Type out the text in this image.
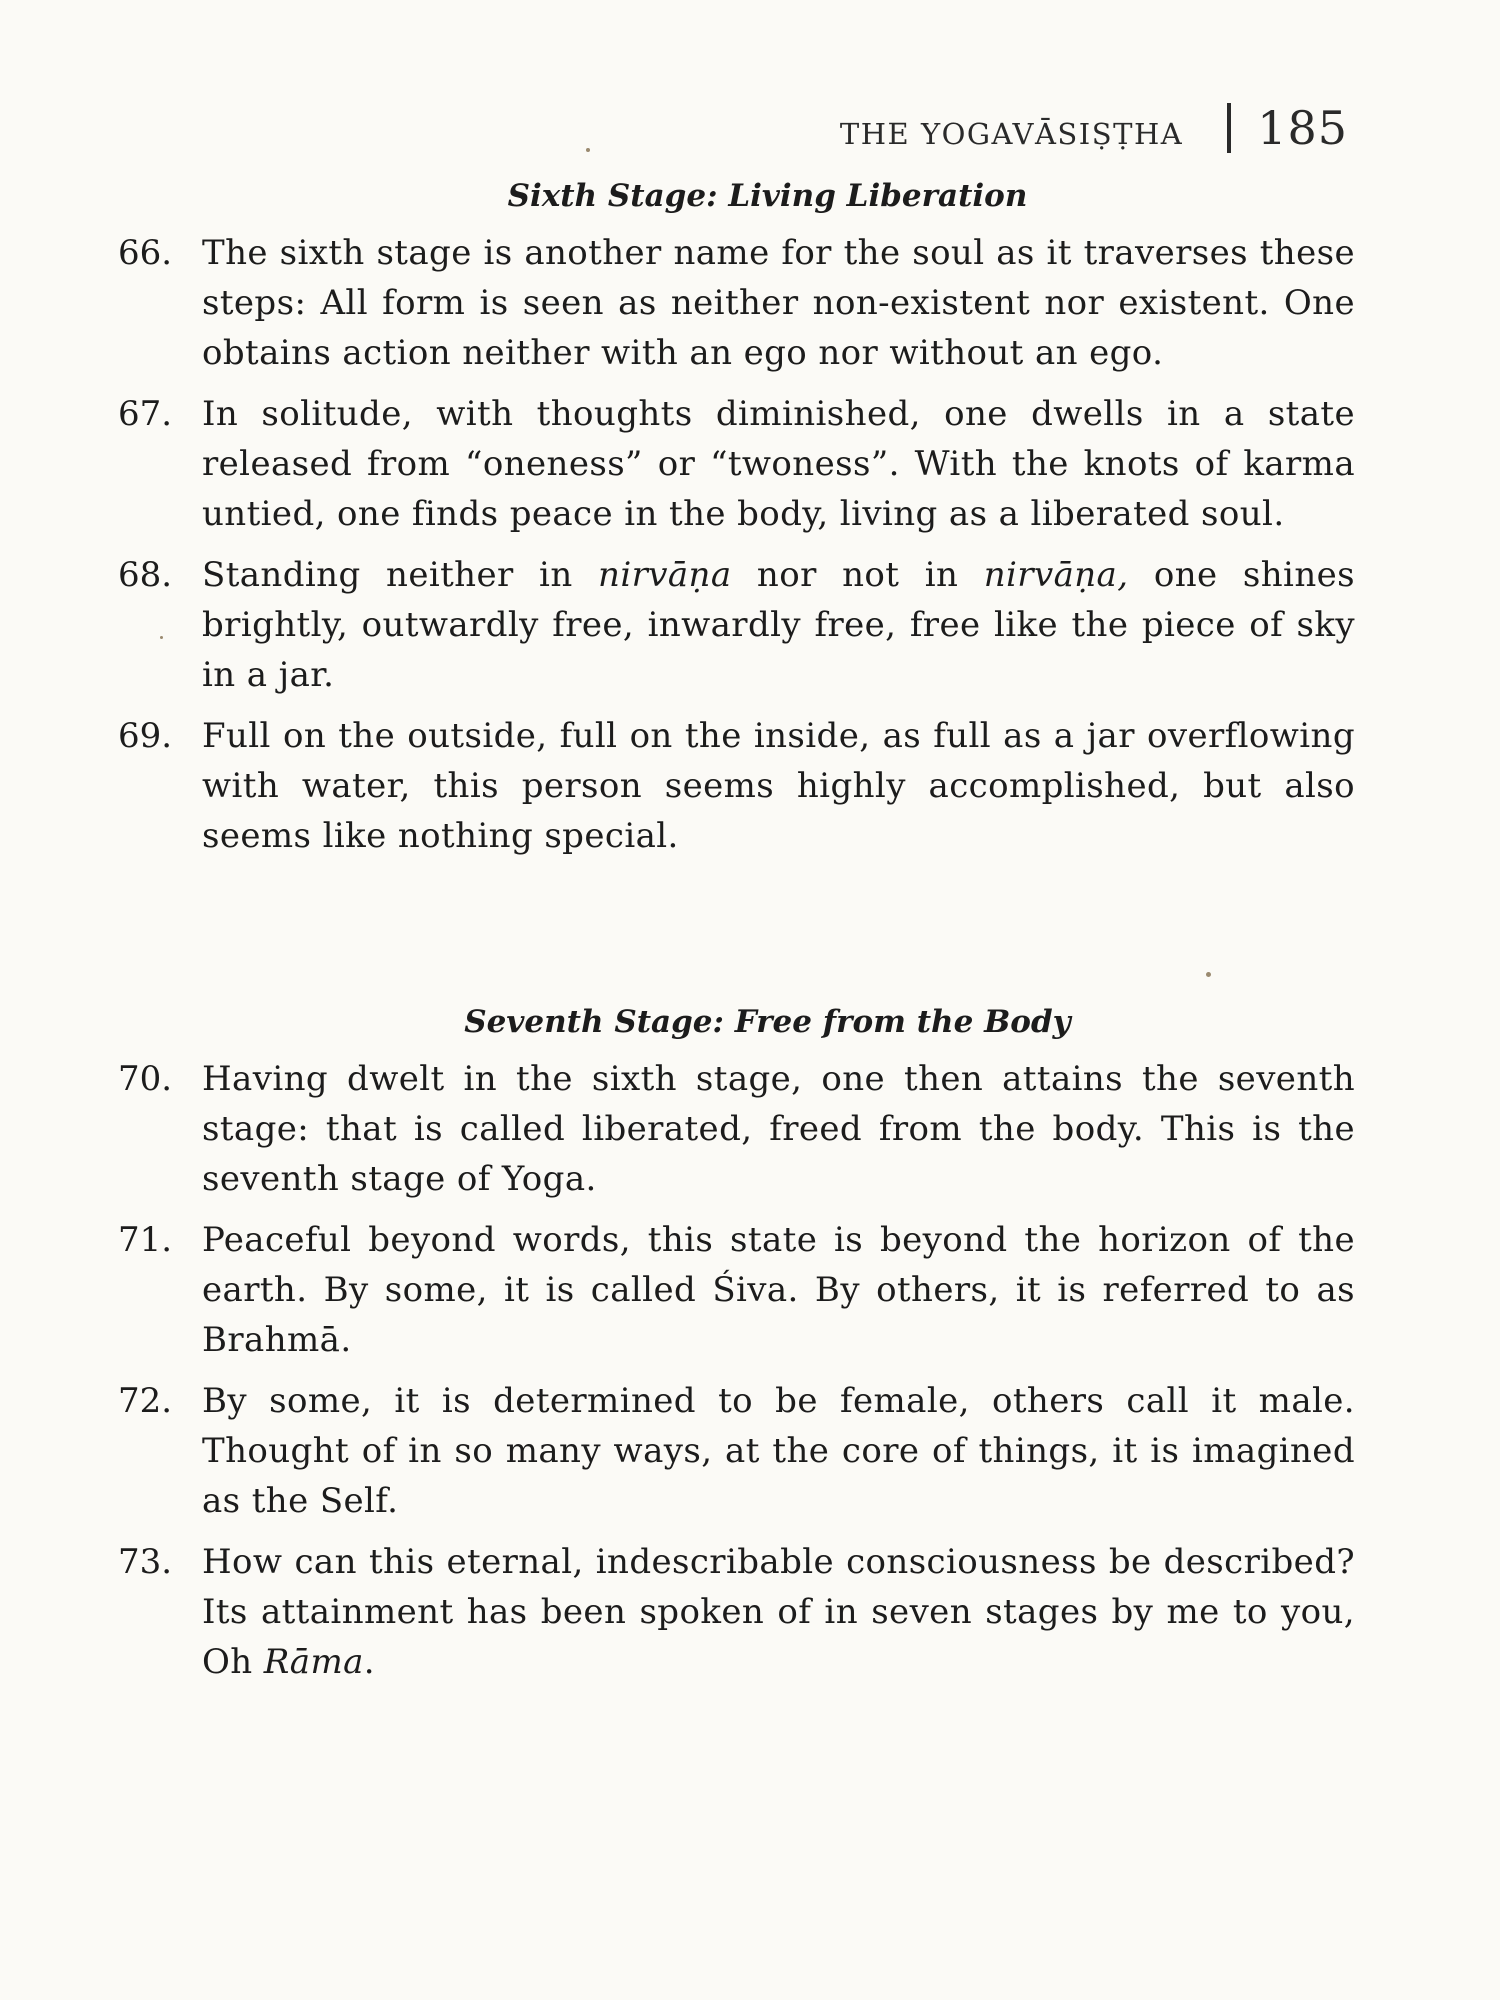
THE YOGAVĀSIṢṬHA 185
Sixth Stage: Living Liberation
66. The sixth stage is another name for the soul as it traverses these steps: All form is seen as neither non-existent nor existent. One obtains action neither with an ego nor without an ego.
67. In solitude, with thoughts diminished, one dwells in a state released from “oneness” or “twoness”. With the knots of karma untied, one finds peace in the body, living as a liberated soul.
68. Standing neither in nirvāṇa nor not in nirvāṇa, one shines brightly, outwardly free, inwardly free, free like the piece of sky in a jar.
69. Full on the outside, full on the inside, as full as a jar overflowing with water, this person seems highly accomplished, but also seems like nothing special.
Seventh Stage: Free from the Body
70. Having dwelt in the sixth stage, one then attains the seventh stage: that is called liberated, freed from the body. This is the seventh stage of Yoga.
71. Peaceful beyond words, this state is beyond the horizon of the earth. By some, it is called Śiva. By others, it is referred to as Brahmā.
72. By some, it is determined to be female, others call it male. Thought of in so many ways, at the core of things, it is imagined as the Self.
73. How can this eternal, indescribable consciousness be described? Its attainment has been spoken of in seven stages by me to you, Oh Rāma.
